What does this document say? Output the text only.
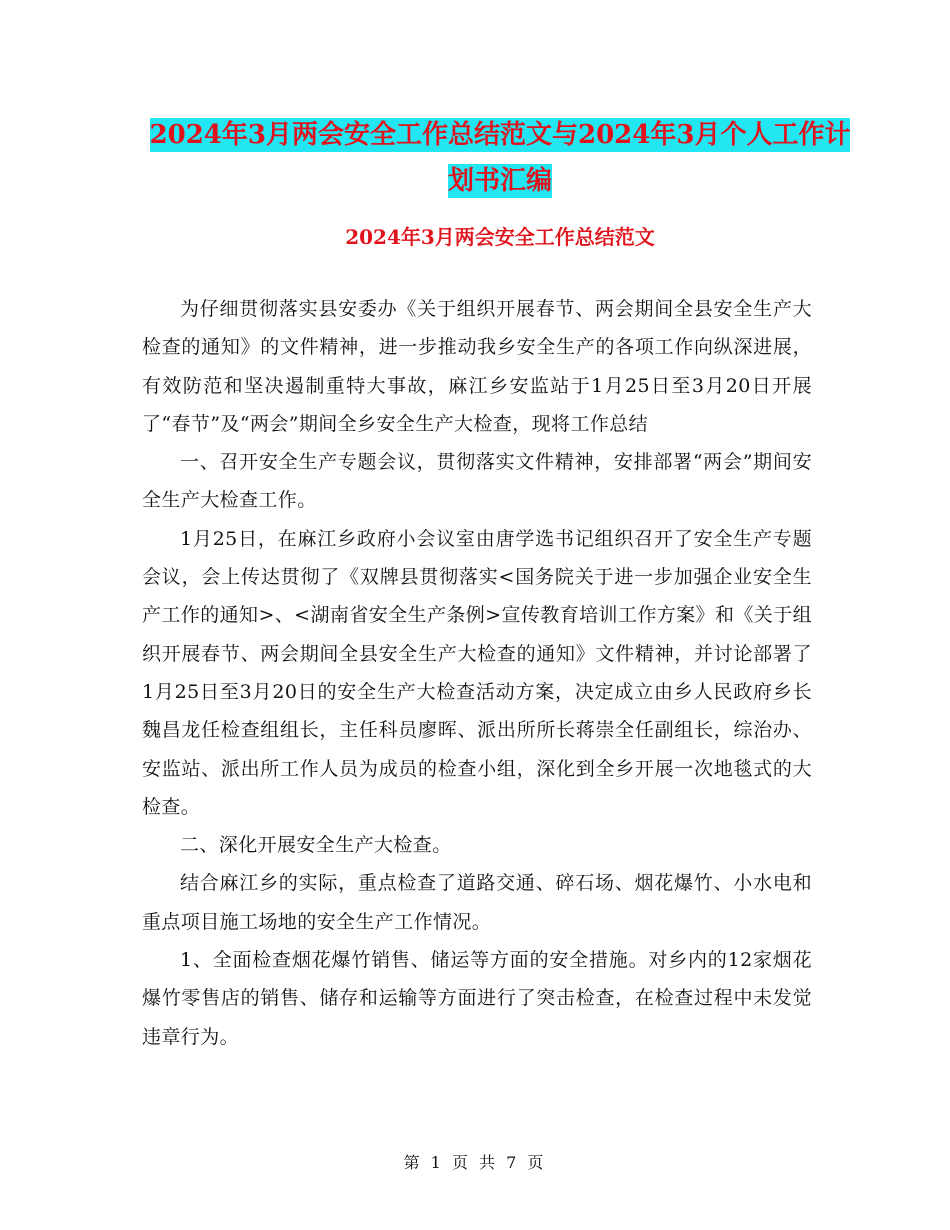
2024年3月两会安全工作总结范文与2024年3月个人工作计划书汇编
2024年3月两会安全工作总结范文

为仔细贯彻落实县安委办《关于组织开展春节、两会期间全县安全生产大检查的通知》的文件精神，进一步推动我乡安全生产的各项工作向纵深进展，有效防范和坚决遏制重特大事故，麻江乡安监站于1月25日至3月20日开展了“春节”及“两会”期间全乡安全生产大检查，现将工作总结

一、召开安全生产专题会议，贯彻落实文件精神，安排部署“两会”期间安全生产大检查工作。

1月25日，在麻江乡政府小会议室由唐学选书记组织召开了安全生产专题会议，会上传达贯彻了《双牌县贯彻落实<国务院关于进一步加强企业安全生产工作的通知>、<湖南省安全生产条例>宣传教育培训工作方案》和《关于组织开展春节、两会期间全县安全生产大检查的通知》文件精神，并讨论部署了1月25日至3月20日的安全生产大检查活动方案，决定成立由乡人民政府乡长魏昌龙任检查组组长，主任科员廖晖、派出所所长蒋崇全任副组长，综治办、安监站、派出所工作人员为成员的检查小组，深化到全乡开展一次地毯式的大检查。

二、深化开展安全生产大检查。

结合麻江乡的实际，重点检查了道路交通、碎石场、烟花爆竹、小水电和重点项目施工场地的安全生产工作情况。

1、全面检查烟花爆竹销售、储运等方面的安全措施。对乡内的12家烟花爆竹零售店的销售、储存和运输等方面进行了突击检查，在检查过程中未发觉违章行为。

第 1 页 共 7 页
